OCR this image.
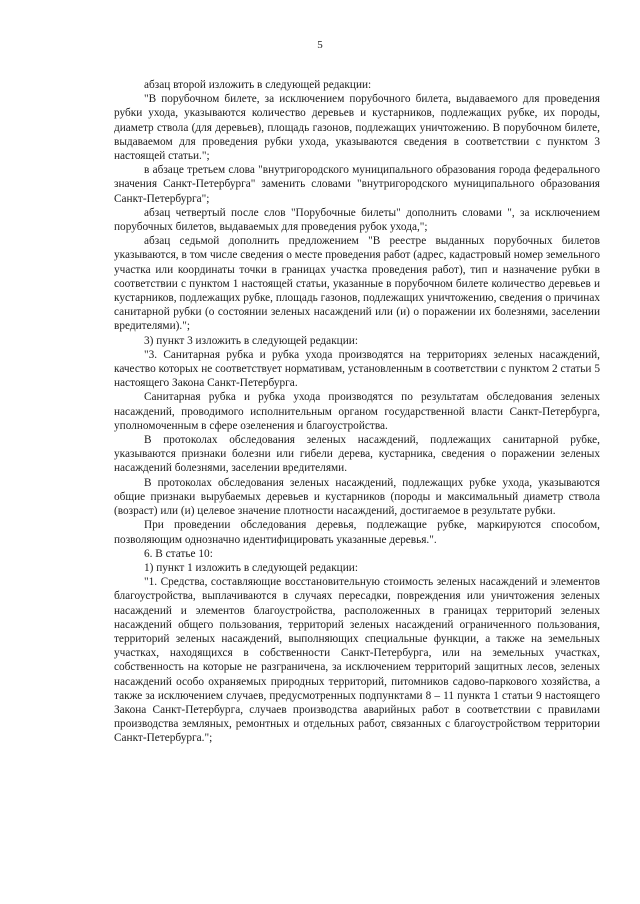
5

абзац второй изложить в следующей редакции:

"В порубочном билете, за исключением порубочного билета, выдаваемого для проведения рубки ухода, указываются количество деревьев и кустарников, подлежащих рубке, их породы, диаметр ствола (для деревьев), площадь газонов, подлежащих уничтожению. В порубочном билете, выдаваемом для проведения рубки ухода, указываются сведения в соответствии с пунктом 3 настоящей статьи.";

в абзаце третьем слова "внутригородского муниципального образования города федерального значения Санкт-Петербурга" заменить словами "внутригородского муниципального образования Санкт-Петербурга";

абзац четвертый после слов "Порубочные билеты" дополнить словами ", за исключением порубочных билетов, выдаваемых для проведения рубок ухода,";

абзац седьмой дополнить предложением "В реестре выданных порубочных билетов указываются, в том числе сведения о месте проведения работ (адрес, кадастровый номер земельного участка или координаты точки в границах участка проведения работ), тип и назначение рубки в соответствии с пунктом 1 настоящей статьи, указанные в порубочном билете количество деревьев и кустарников, подлежащих рубке, площадь газонов, подлежащих уничтожению, сведения о причинах санитарной рубки (о состоянии зеленых насаждений или (и) о поражении их болезнями, заселении вредителями).";

3) пункт 3 изложить в следующей редакции:

"3. Санитарная рубка и рубка ухода производятся на территориях зеленых насаждений, качество которых не соответствует нормативам, установленным в соответствии с пунктом 2 статьи 5 настоящего Закона Санкт-Петербурга.

Санитарная рубка и рубка ухода производятся по результатам обследования зеленых насаждений, проводимого исполнительным органом государственной власти Санкт-Петербурга, уполномоченным в сфере озеленения и благоустройства.

В протоколах обследования зеленых насаждений, подлежащих санитарной рубке, указываются признаки болезни или гибели дерева, кустарника, сведения о поражении зеленых насаждений болезнями, заселении вредителями.

В протоколах обследования зеленых насаждений, подлежащих рубке ухода, указываются общие признаки вырубаемых деревьев и кустарников (породы и максимальный диаметр ствола (возраст) или (и) целевое значение плотности насаждений, достигаемое в результате рубки.

При проведении обследования деревья, подлежащие рубке, маркируются способом, позволяющим однозначно идентифицировать указанные деревья.".

6. В статье 10:

1) пункт 1 изложить в следующей редакции:

"1. Средства, составляющие восстановительную стоимость зеленых насаждений и элементов благоустройства, выплачиваются в случаях пересадки, повреждения или уничтожения зеленых насаждений и элементов благоустройства, расположенных в границах территорий зеленых насаждений общего пользования, территорий зеленых насаждений ограниченного пользования, территорий зеленых насаждений, выполняющих специальные функции, а также на земельных участках, находящихся в собственности Санкт-Петербурга, или на земельных участках, собственность на которые не разграничена, за исключением территорий защитных лесов, зеленых насаждений особо охраняемых природных территорий, питомников садово-паркового хозяйства, а также за исключением случаев, предусмотренных подпунктами 8 – 11 пункта 1 статьи 9 настоящего Закона Санкт-Петербурга, случаев производства аварийных работ в соответствии с правилами производства земляных, ремонтных и отдельных работ, связанных с благоустройством территории Санкт-Петербурга.";
